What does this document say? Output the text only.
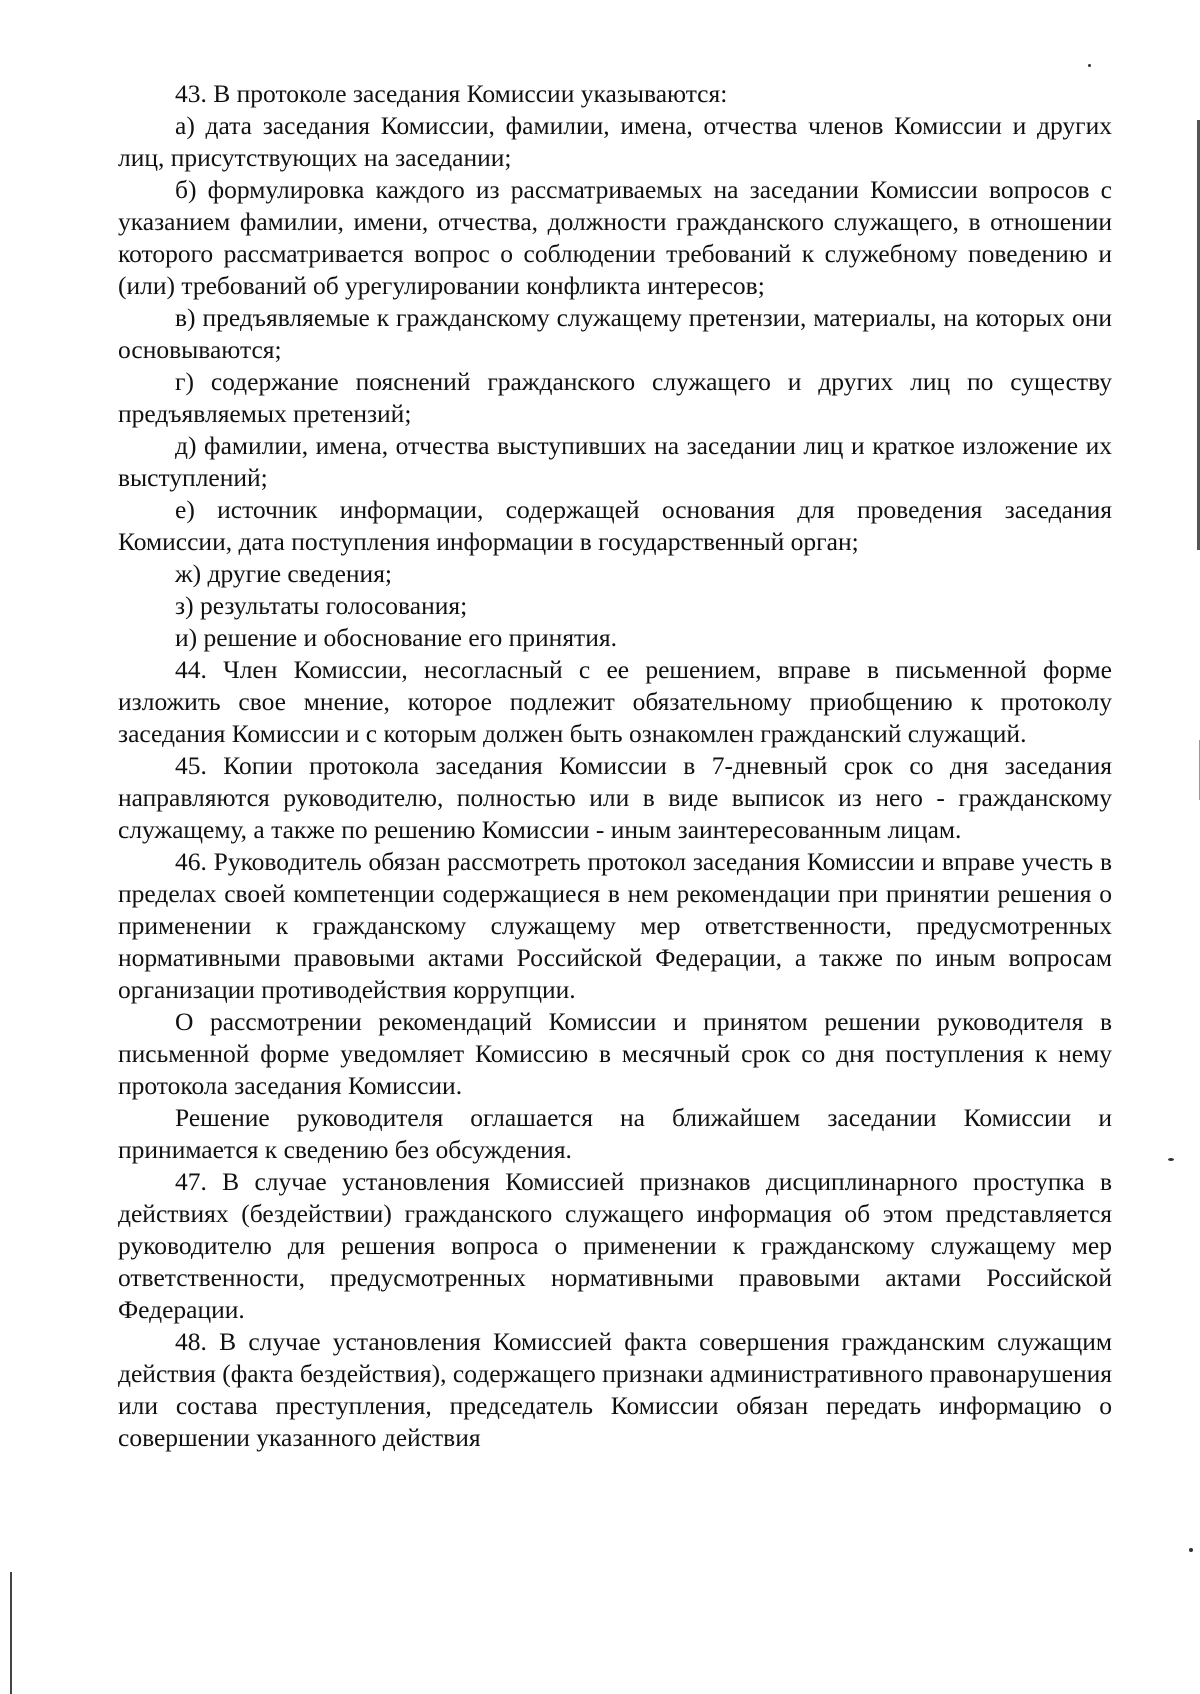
43. В протоколе заседания Комиссии указываются:

а) дата заседания Комиссии, фамилии, имена, отчества членов Комиссии и других лиц, присутствующих на заседании;

б) формулировка каждого из рассматриваемых на заседании Комиссии вопросов с указанием фамилии, имени, отчества, должности гражданского служащего, в отношении которого рассматривается вопрос о соблюдении требований к служебному поведению и (или) требований об урегулировании конфликта интересов;

в) предъявляемые к гражданскому служащему претензии, материалы, на которых они основываются;

г) содержание пояснений гражданского служащего и других лиц по существу предъявляемых претензий;

д) фамилии, имена, отчества выступивших на заседании лиц и краткое изложение их выступлений;

е) источник информации, содержащей основания для проведения заседания Комиссии, дата поступления информации в государственный орган;

ж) другие сведения;

з) результаты голосования;

и) решение и обоснование его принятия.

44. Член Комиссии, несогласный с ее решением, вправе в письменной форме изложить свое мнение, которое подлежит обязательному приобщению к протоколу заседания Комиссии и с которым должен быть ознакомлен гражданский служащий.

45. Копии протокола заседания Комиссии в 7-дневный срок со дня заседания направляются руководителю, полностью или в виде выписок из него - гражданскому служащему, а также по решению Комиссии - иным заинтересованным лицам.

46. Руководитель обязан рассмотреть протокол заседания Комиссии и вправе учесть в пределах своей компетенции содержащиеся в нем рекомендации при принятии решения о применении к гражданскому служащему мер ответственности, предусмотренных нормативными правовыми актами Российской Федерации, а также по иным вопросам организации противодействия коррупции.

О рассмотрении рекомендаций Комиссии и принятом решении руководителя в письменной форме уведомляет Комиссию в месячный срок со дня поступления к нему протокола заседания Комиссии.

Решение руководителя оглашается на ближайшем заседании Комиссии и принимается к сведению без обсуждения.

47. В случае установления Комиссией признаков дисциплинарного проступка в действиях (бездействии) гражданского служащего информация об этом представляется руководителю для решения вопроса о применении к гражданскому служащему мер ответственности, предусмотренных нормативными правовыми актами Российской Федерации.

48. В случае установления Комиссией факта совершения гражданским служащим действия (факта бездействия), содержащего признаки административного правонарушения или состава преступления, председатель Комиссии обязан передать информацию о совершении указанного действия
